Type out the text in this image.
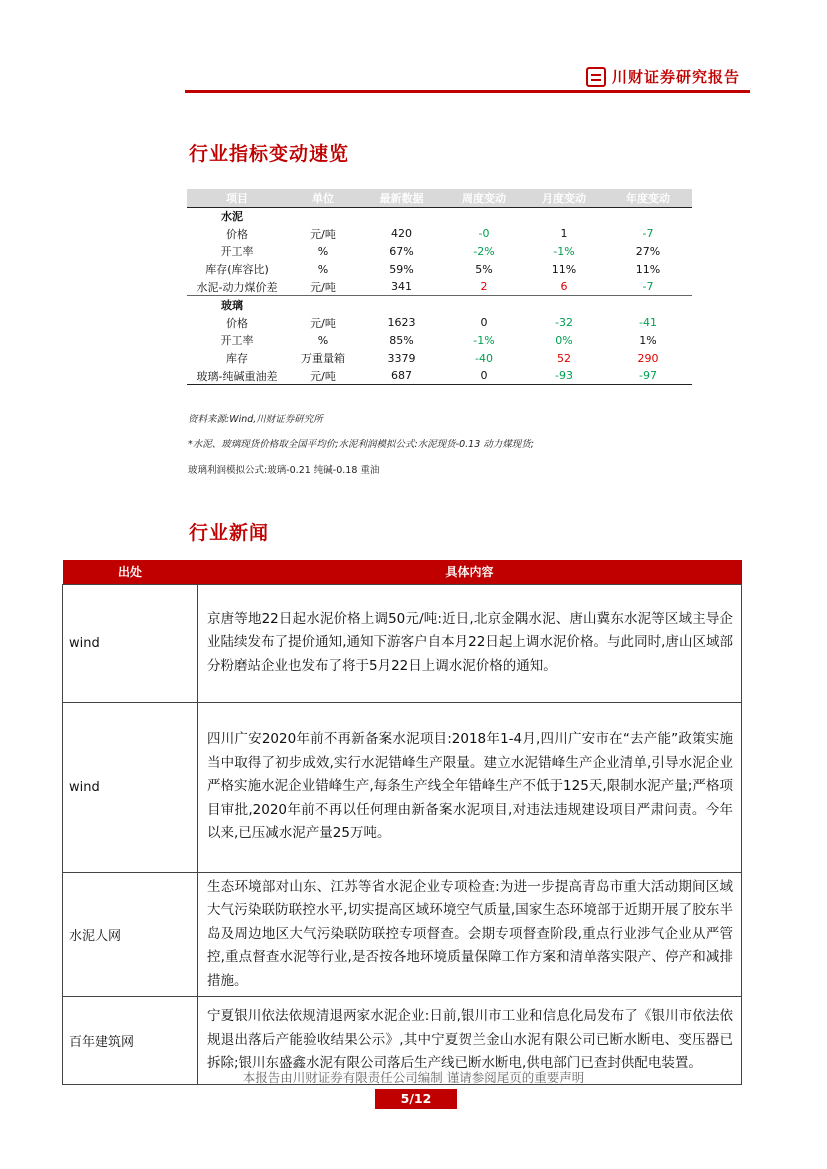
川财证券研究报告
行业指标变动速览
项目	单位	最新数据	周度变动	月度变动	年度变动
水泥					
价格	元/吨	420	-0	1	-7
开工率	%	67%	-2%	-1%	27%
库存(库容比)	%	59%	5%	11%	11%
水泥-动力煤价差	元/吨	341	2	6	-7
玻璃					
价格	元/吨	1623	0	-32	-41
开工率	%	85%	-1%	0%	1%
库存	万重量箱	3379	-40	52	290
玻璃-纯碱重油差	元/吨	687	0	-93	-97
资料来源:Wind,川财证券研究所
*水泥、玻璃现货价格取全国平均价;水泥利润模拟公式:水泥现货-0.13 动力煤现货;
玻璃利润模拟公式:玻璃-0.21 纯碱-0.18 重油
行业新闻
出处	具体内容
wind	京唐等地22日起水泥价格上调50元/吨:近日,北京金隅水泥、唐山冀东水泥等区域主导企业陆续发布了提价通知,通知下游客户自本月22日起上调水泥价格。与此同时,唐山区域部分粉磨站企业也发布了将于5月22日上调水泥价格的通知。
wind	四川广安2020年前不再新备案水泥项目:2018年1-4月,四川广安市在“去产能”政策实施当中取得了初步成效,实行水泥错峰生产限量。建立水泥错峰生产企业清单,引导水泥企业严格实施水泥企业错峰生产,每条生产线全年错峰生产不低于125天,限制水泥产量;严格项目审批,2020年前不再以任何理由新备案水泥项目,对违法违规建设项目严肃问责。今年以来,已压减水泥产量25万吨。
水泥人网	生态环境部对山东、江苏等省水泥企业专项检查:为进一步提高青岛市重大活动期间区域大气污染联防联控水平,切实提高区域环境空气质量,国家生态环境部于近期开展了胶东半岛及周边地区大气污染联防联控专项督查。会期专项督查阶段,重点行业涉气企业从严管控,重点督查水泥等行业,是否按各地环境质量保障工作方案和清单落实限产、停产和减排措施。
百年建筑网	宁夏银川依法依规清退两家水泥企业:日前,银川市工业和信息化局发布了《银川市依法依规退出落后产能验收结果公示》,其中宁夏贺兰金山水泥有限公司已断水断电、变压器已拆除;银川东盛鑫水泥有限公司落后生产线已断水断电,供电部门已查封供配电装置。
本报告由川财证券有限责任公司编制 谨请参阅尾页的重要声明
5/12
